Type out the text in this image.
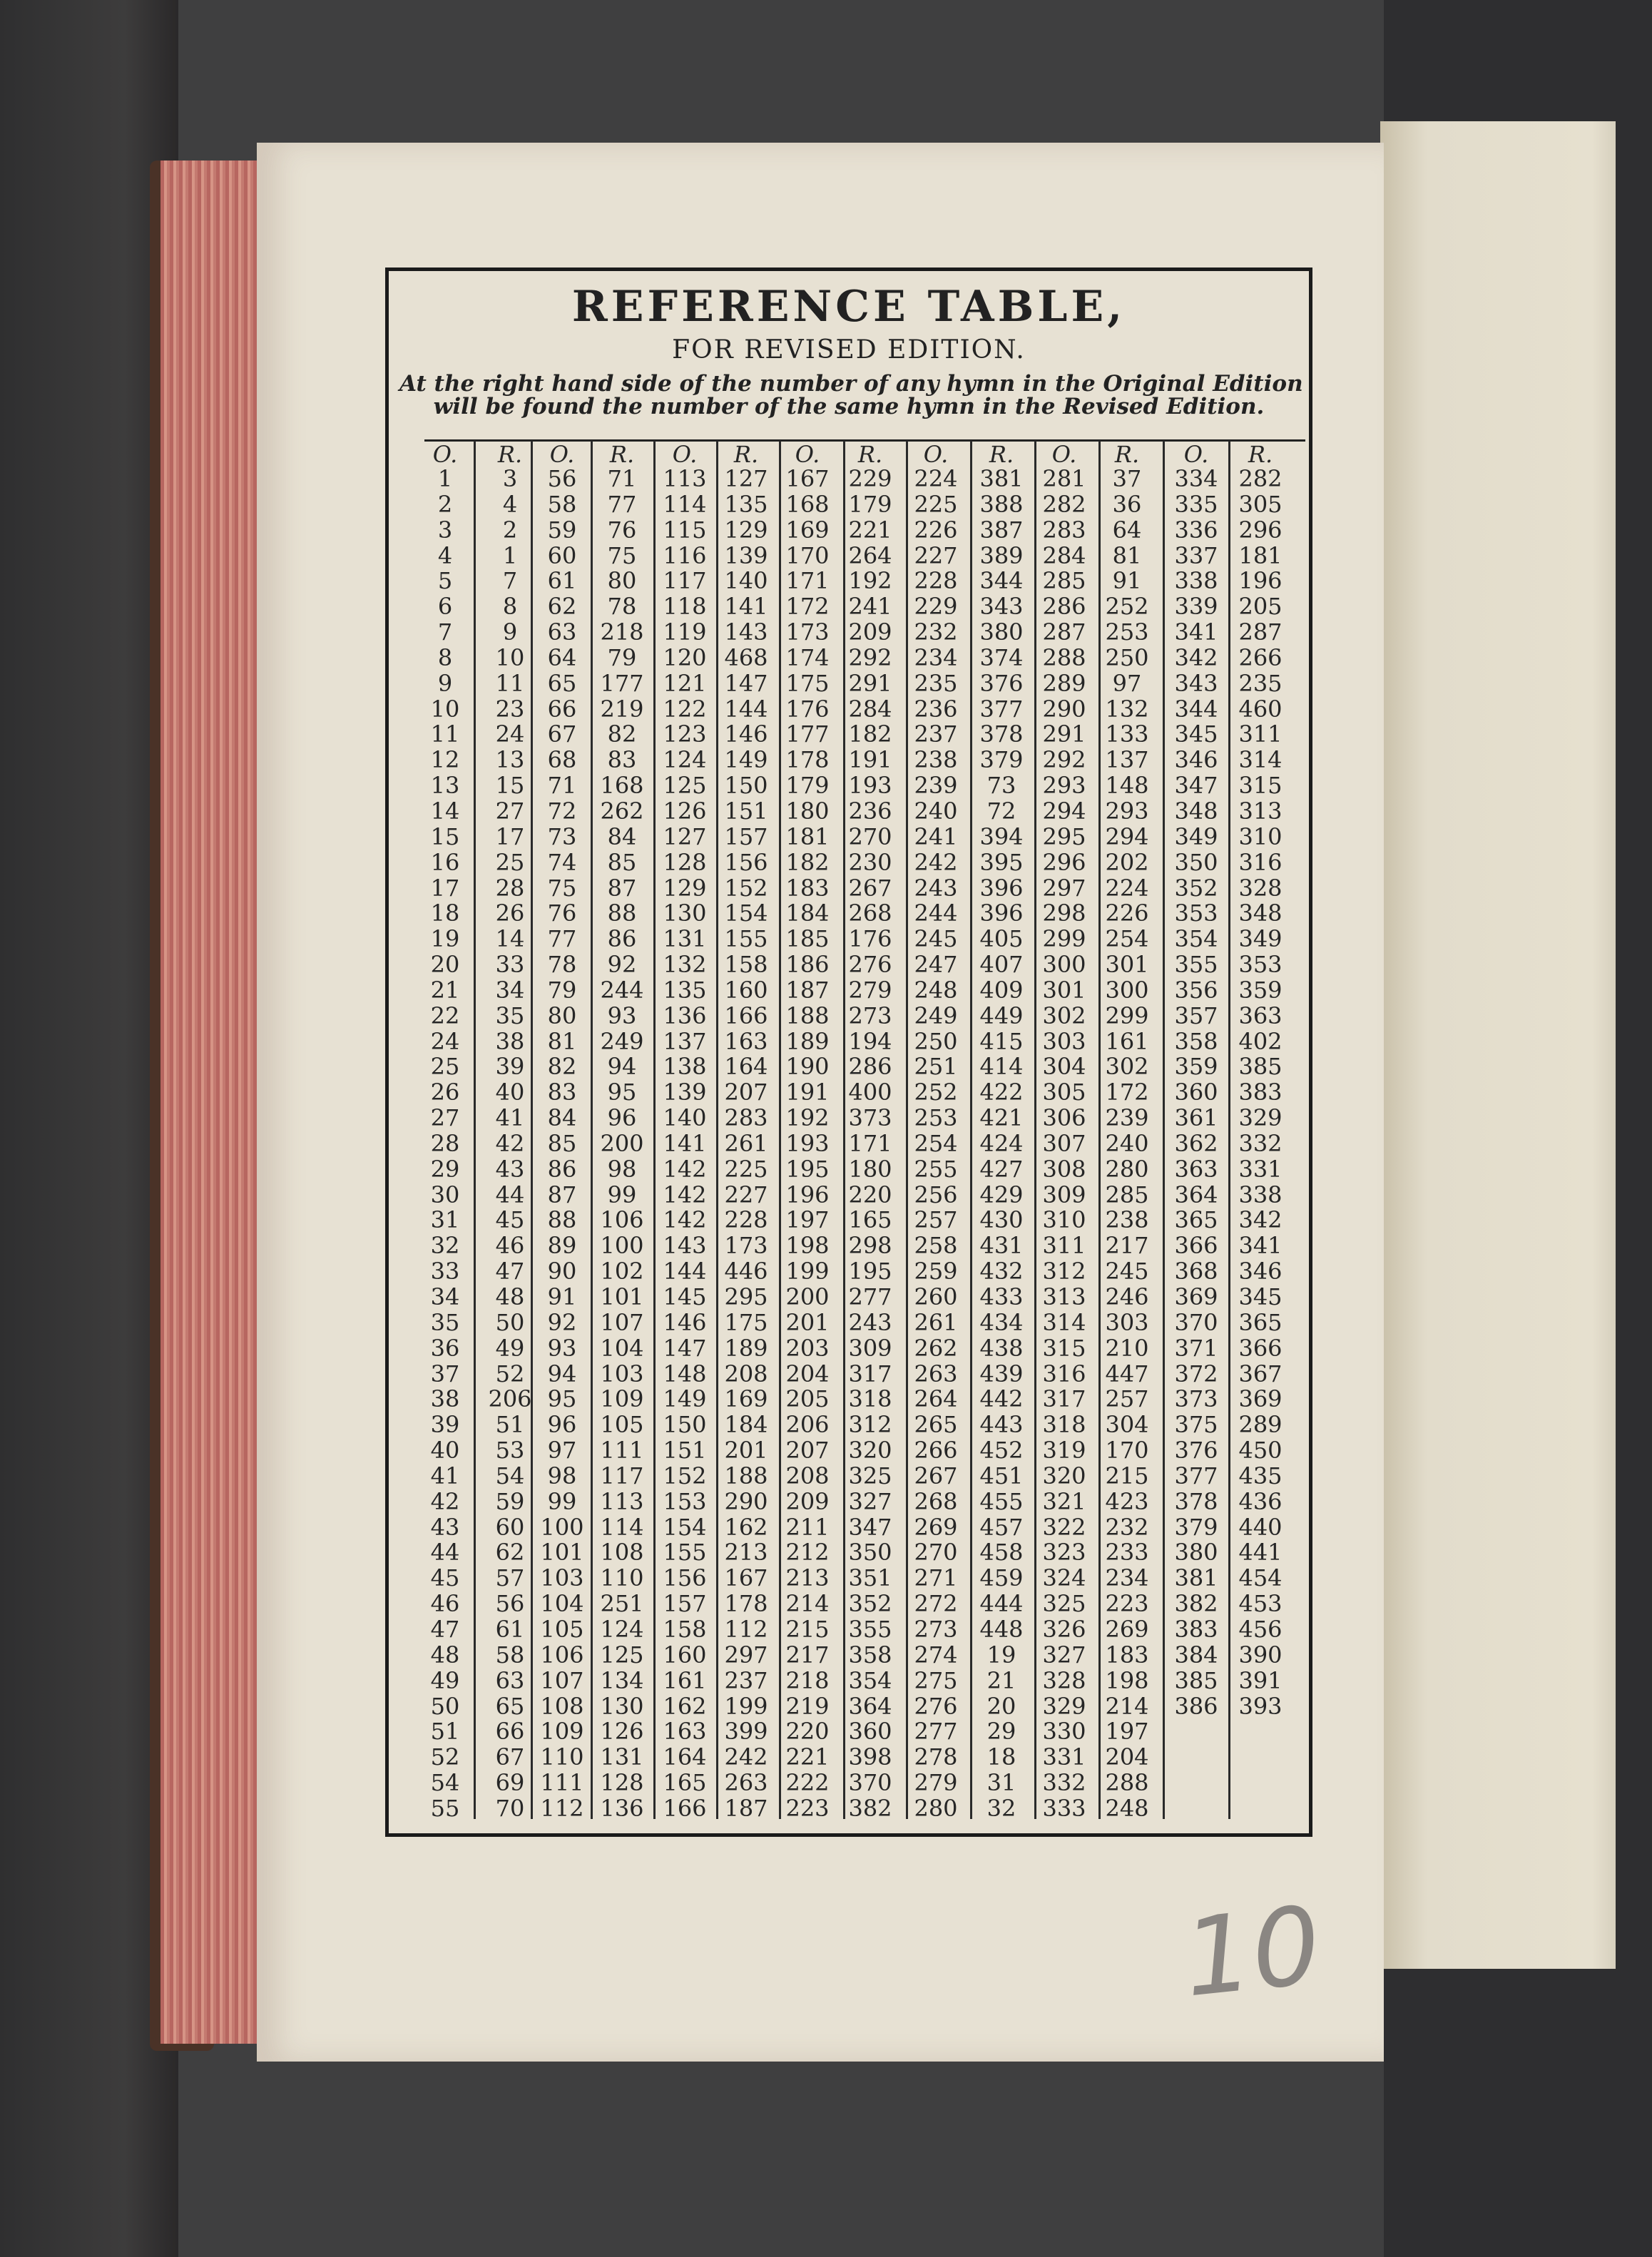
REFERENCE TABLE,
FOR REVISED EDITION.
At the right hand side of the number of any hymn in the Original Edition
will be found the number of the same hymn in the Revised Edition.
O.
1
2
3
4
5
6
7
8
9
10
11
12
13
14
15
16
17
18
19
20
21
22
24
25
26
27
28
29
30
31
32
33
34
35
36
37
38
39
40
41
42
43
44
45
46
47
48
49
50
51
52
54
55
R.
3
4
2
1
7
8
9
10
11
23
24
13
15
27
17
25
28
26
14
33
34
35
38
39
40
41
42
43
44
45
46
47
48
50
49
52
206
51
53
54
59
60
62
57
56
61
58
63
65
66
67
69
70
O.
56
58
59
60
61
62
63
64
65
66
67
68
71
72
73
74
75
76
77
78
79
80
81
82
83
84
85
86
87
88
89
90
91
92
93
94
95
96
97
98
99
100
101
103
104
105
106
107
108
109
110
111
112
R.
71
77
76
75
80
78
218
79
177
219
82
83
168
262
84
85
87
88
86
92
244
93
249
94
95
96
200
98
99
106
100
102
101
107
104
103
109
105
111
117
113
114
108
110
251
124
125
134
130
126
131
128
136
O.
113
114
115
116
117
118
119
120
121
122
123
124
125
126
127
128
129
130
131
132
135
136
137
138
139
140
141
142
142
142
143
144
145
146
147
148
149
150
151
152
153
154
155
156
157
158
160
161
162
163
164
165
166
R.
127
135
129
139
140
141
143
468
147
144
146
149
150
151
157
156
152
154
155
158
160
166
163
164
207
283
261
225
227
228
173
446
295
175
189
208
169
184
201
188
290
162
213
167
178
112
297
237
199
399
242
263
187
O.
167
168
169
170
171
172
173
174
175
176
177
178
179
180
181
182
183
184
185
186
187
188
189
190
191
192
193
195
196
197
198
199
200
201
203
204
205
206
207
208
209
211
212
213
214
215
217
218
219
220
221
222
223
R.
229
179
221
264
192
241
209
292
291
284
182
191
193
236
270
230
267
268
176
276
279
273
194
286
400
373
171
180
220
165
298
195
277
243
309
317
318
312
320
325
327
347
350
351
352
355
358
354
364
360
398
370
382
O.
224
225
226
227
228
229
232
234
235
236
237
238
239
240
241
242
243
244
245
247
248
249
250
251
252
253
254
255
256
257
258
259
260
261
262
263
264
265
266
267
268
269
270
271
272
273
274
275
276
277
278
279
280
R.
381
388
387
389
344
343
380
374
376
377
378
379
73
72
394
395
396
396
405
407
409
449
415
414
422
421
424
427
429
430
431
432
433
434
438
439
442
443
452
451
455
457
458
459
444
448
19
21
20
29
18
31
32
O.
281
282
283
284
285
286
287
288
289
290
291
292
293
294
295
296
297
298
299
300
301
302
303
304
305
306
307
308
309
310
311
312
313
314
315
316
317
318
319
320
321
322
323
324
325
326
327
328
329
330
331
332
333
R.
37
36
64
81
91
252
253
250
97
132
133
137
148
293
294
202
224
226
254
301
300
299
161
302
172
239
240
280
285
238
217
245
246
303
210
447
257
304
170
215
423
232
233
234
223
269
183
198
214
197
204
288
248
O.
334
335
336
337
338
339
341
342
343
344
345
346
347
348
349
350
352
353
354
355
356
357
358
359
360
361
362
363
364
365
366
368
369
370
371
372
373
375
376
377
378
379
380
381
382
383
384
385
386
R.
282
305
296
181
196
205
287
266
235
460
311
314
315
313
310
316
328
348
349
353
359
363
402
385
383
329
332
331
338
342
341
346
345
365
366
367
369
289
450
435
436
440
441
454
453
456
390
391
393
10
